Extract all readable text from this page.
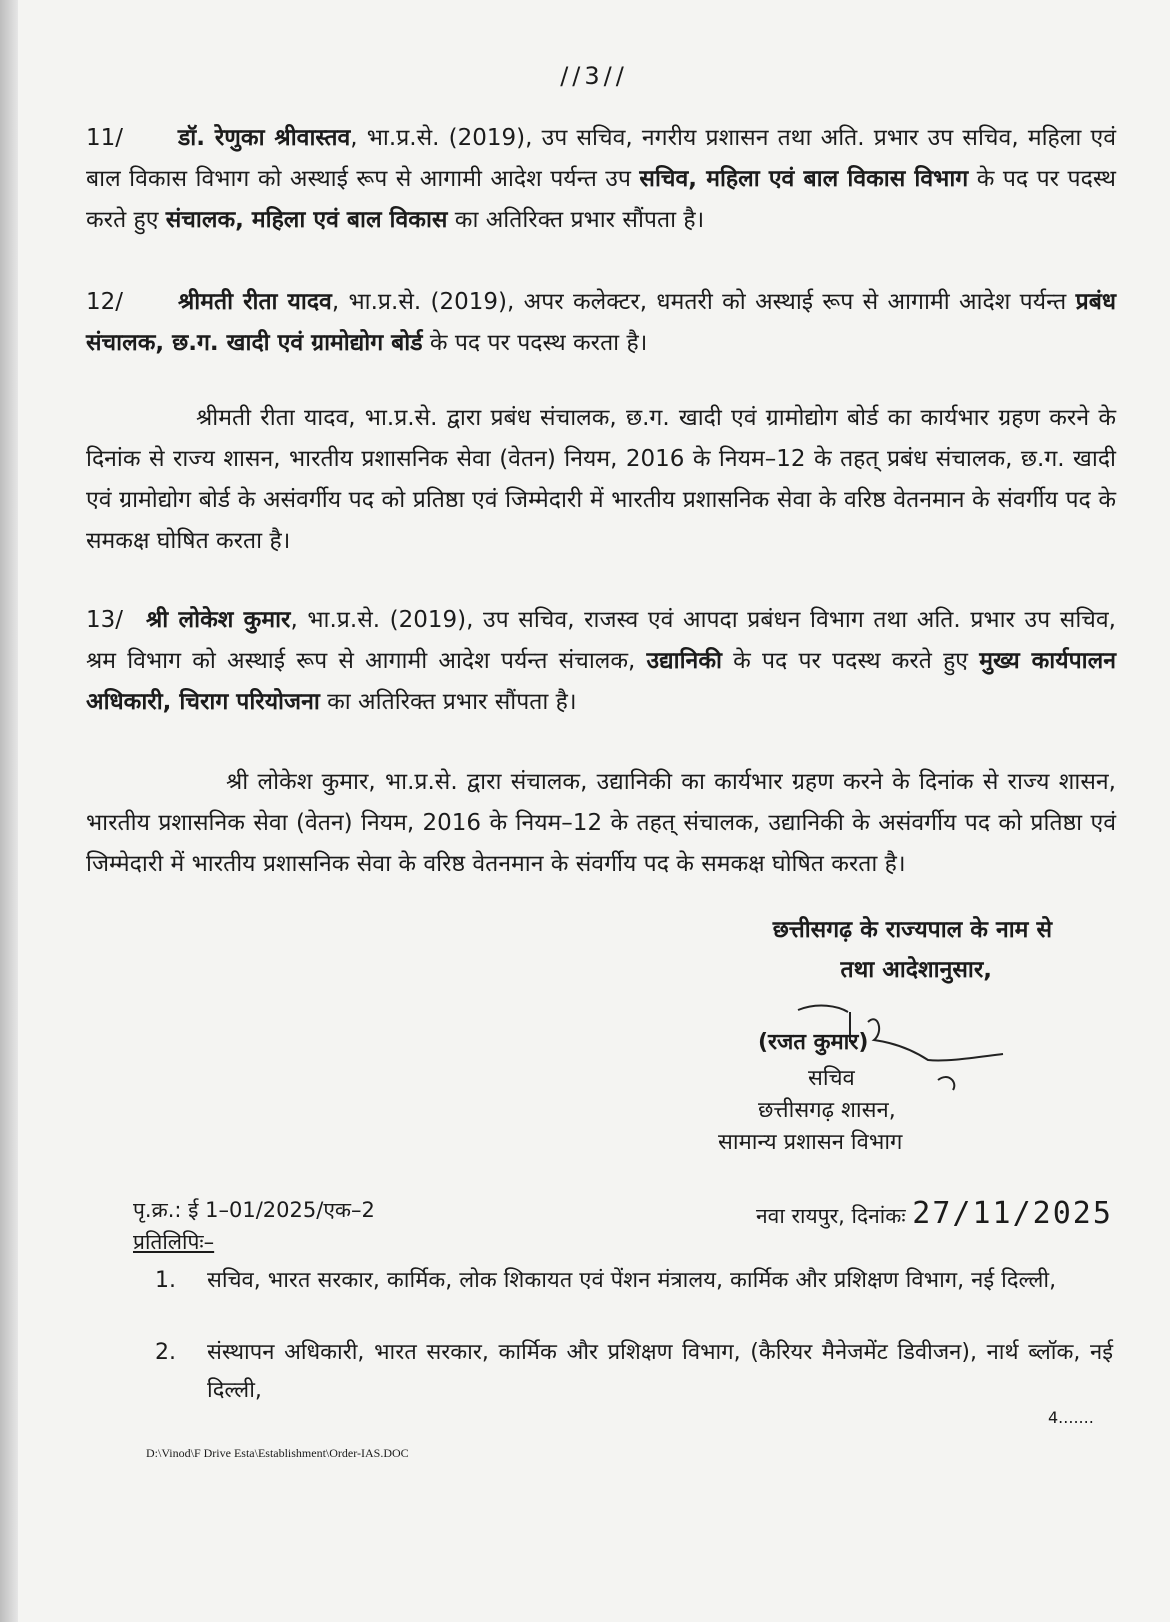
//3//
11/ डॉ. रेणुका श्रीवास्तव, भा.प्र.से. (2019), उप सचिव, नगरीय प्रशासन तथा अति. प्रभार उप सचिव, महिला एवं बाल विकास विभाग को अस्थाई रूप से आगामी आदेश पर्यन्त उप सचिव, महिला एवं बाल विकास विभाग के पद पर पदस्थ करते हुए संचालक, महिला एवं बाल विकास का अतिरिक्त प्रभार सौंपता है।
12/ श्रीमती रीता यादव, भा.प्र.से. (2019), अपर कलेक्टर, धमतरी को अस्थाई रूप से आगामी आदेश पर्यन्त प्रबंध संचालक, छ.ग. खादी एवं ग्रामोद्योग बोर्ड के पद पर पदस्थ करता है।
श्रीमती रीता यादव, भा.प्र.से. द्वारा प्रबंध संचालक, छ.ग. खादी एवं ग्रामोद्योग बोर्ड का कार्यभार ग्रहण करने के दिनांक से राज्य शासन, भारतीय प्रशासनिक सेवा (वेतन) नियम, 2016 के नियम–12 के तहत् प्रबंध संचालक, छ.ग. खादी एवं ग्रामोद्योग बोर्ड के असंवर्गीय पद को प्रतिष्ठा एवं जिम्मेदारी में भारतीय प्रशासनिक सेवा के वरिष्ठ वेतनमान के संवर्गीय पद के समकक्ष घोषित करता है।
13/ श्री लोकेश कुमार, भा.प्र.से. (2019), उप सचिव, राजस्व एवं आपदा प्रबंधन विभाग तथा अति. प्रभार उप सचिव, श्रम विभाग को अस्थाई रूप से आगामी आदेश पर्यन्त संचालक, उद्यानिकी के पद पर पदस्थ करते हुए मुख्य कार्यपालन अधिकारी, चिराग परियोजना का अतिरिक्त प्रभार सौंपता है।
श्री लोकेश कुमार, भा.प्र.से. द्वारा संचालक, उद्यानिकी का कार्यभार ग्रहण करने के दिनांक से राज्य शासन, भारतीय प्रशासनिक सेवा (वेतन) नियम, 2016 के नियम–12 के तहत् संचालक, उद्यानिकी के असंवर्गीय पद को प्रतिष्ठा एवं जिम्मेदारी में भारतीय प्रशासनिक सेवा के वरिष्ठ वेतनमान के संवर्गीय पद के समकक्ष घोषित करता है।
छत्तीसगढ़ के राज्यपाल के नाम से
तथा आदेशानुसार,
(रजत कुमार)
सचिव
छत्तीसगढ़ शासन,
सामान्य प्रशासन विभाग
पृ.क्र.: ई 1–01/2025/एक–2	नवा रायपुर, दिनांकः 27/11/2025
प्रतिलिपिः–
1. सचिव, भारत सरकार, कार्मिक, लोक शिकायत एवं पेंशन मंत्रालय, कार्मिक और प्रशिक्षण विभाग, नई दिल्ली,
2. संस्थापन अधिकारी, भारत सरकार, कार्मिक और प्रशिक्षण विभाग, (कैरियर मैनेजमेंट डिवीजन), नार्थ ब्लॉक, नई दिल्ली,
4.......
D:\Vinod\F Drive Esta\Establishment\Order-IAS.DOC
